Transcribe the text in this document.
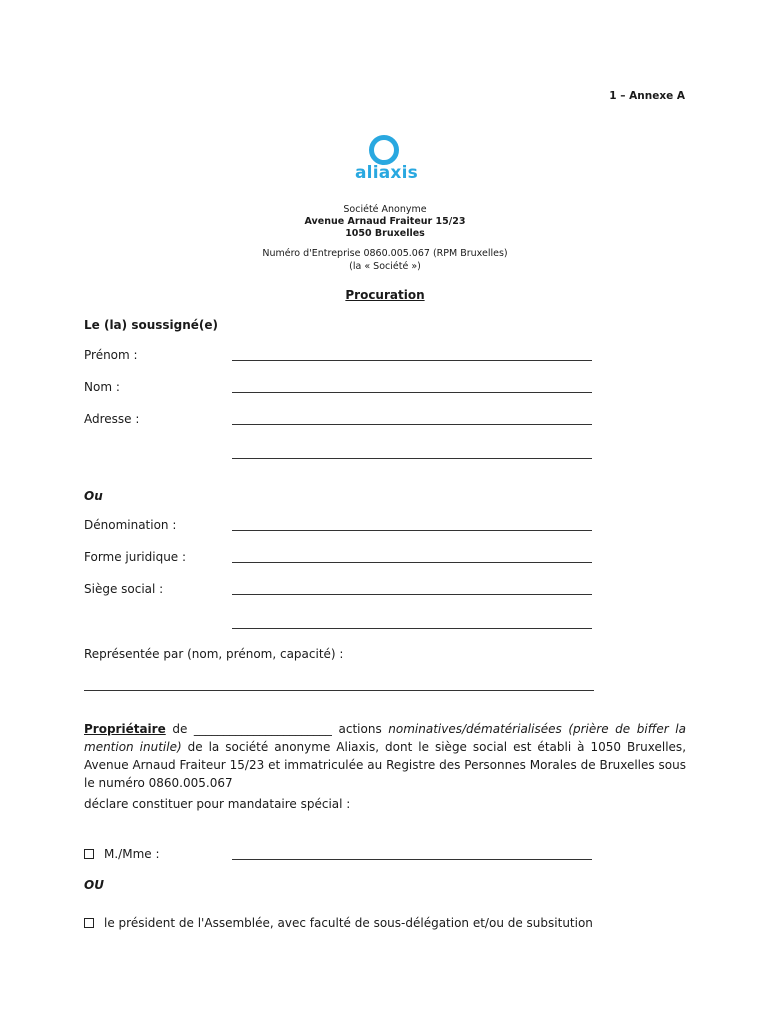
1 – Annexe A
aliaxis
Société Anonyme
Avenue Arnaud Fraiteur 15/23
1050 Bruxelles
Numéro d'Entreprise 0860.005.067 (RPM Bruxelles)
(la « Société »)
Procuration
Le (la) soussigné(e)
Prénom :
Nom :
Adresse :
Ou
Dénomination :
Forme juridique :
Siège social :
Représentée par (nom, prénom, capacité) :
Propriétaire de _______________________ actions nominatives/dématérialisées (prière de biffer la mention inutile) de la société anonyme Aliaxis, dont le siège social est établi à 1050 Bruxelles, Avenue Arnaud Fraiteur 15/23 et immatriculée au Registre des Personnes Morales de Bruxelles sous le numéro 0860.005.067
déclare constituer pour mandataire spécial :
M./Mme :
OU
le président de l'Assemblée, avec faculté de sous-délégation et/ou de subsitution
